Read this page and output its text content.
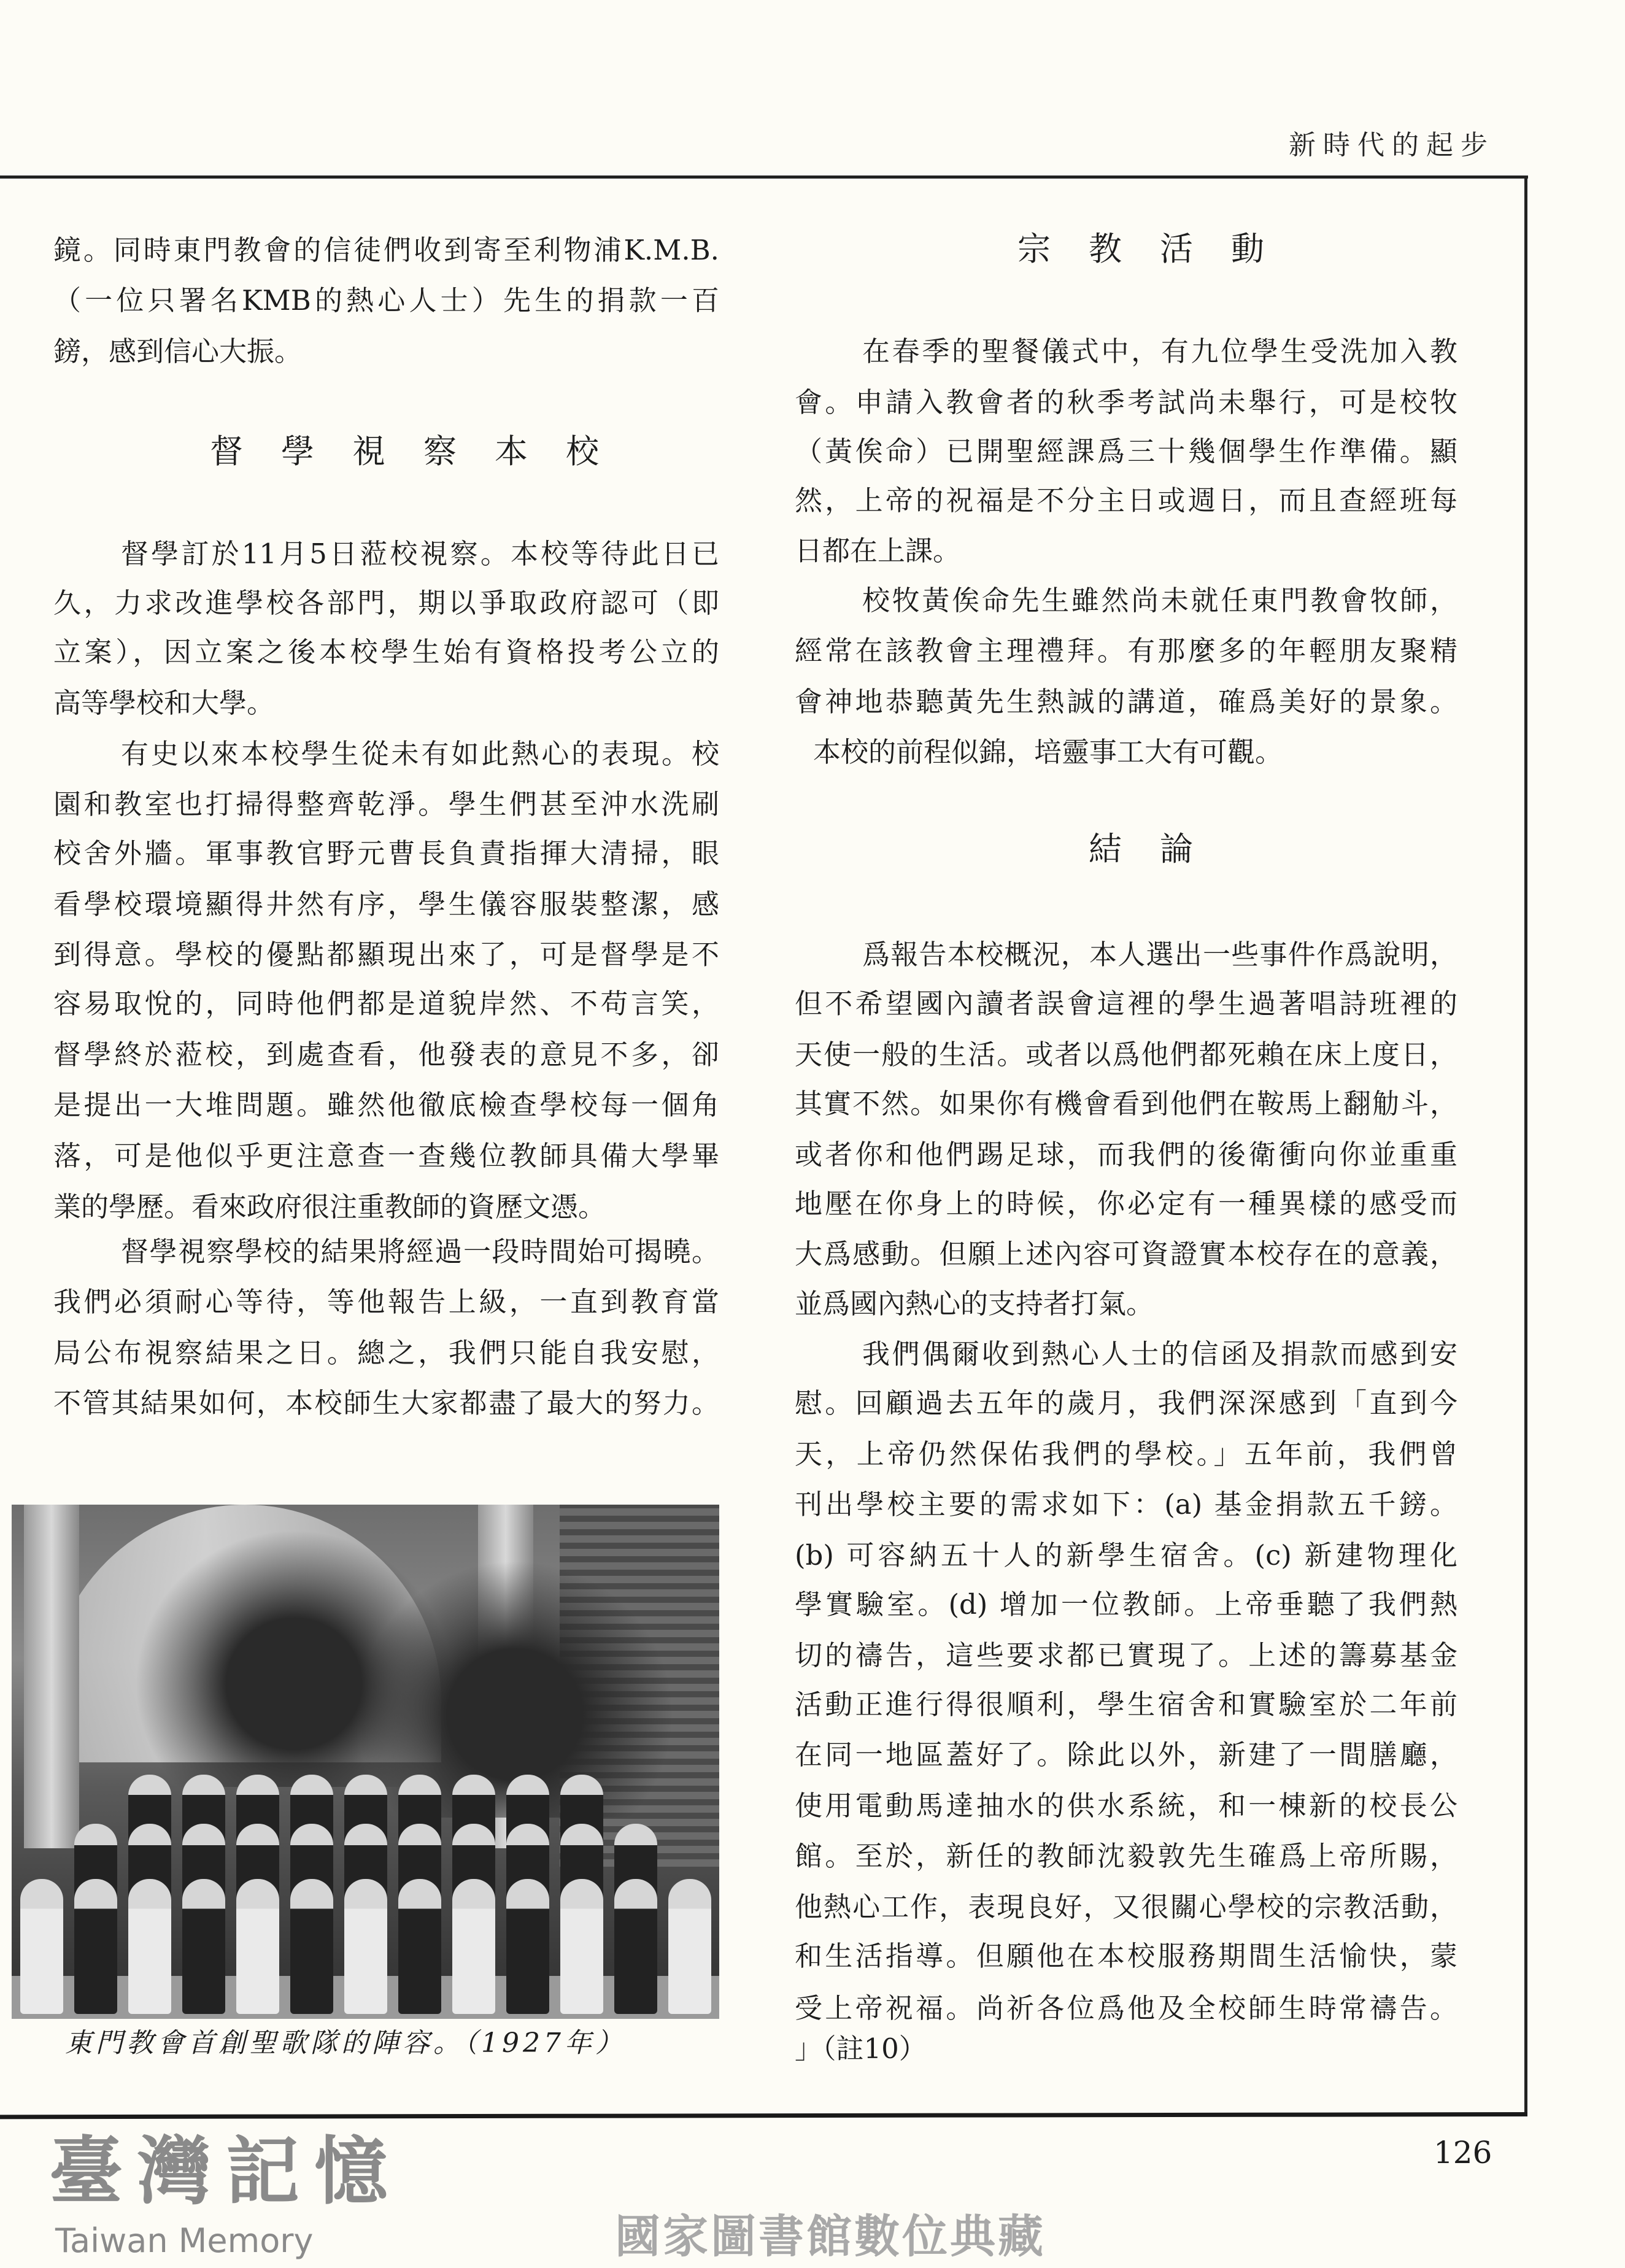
新時代的起步
鏡。同時東門教會的信徒們收到寄至利物浦K.M.B.
（一位只署名KMB的熱心人士）先生的捐款一百
鎊，感到信心大振。
督學視察本校
督學訂於11月5日蒞校視察。本校等待此日已
久，力求改進學校各部門，期以爭取政府認可（即
立案），因立案之後本校學生始有資格投考公立的
高等學校和大學。
有史以來本校學生從未有如此熱心的表現。校
園和教室也打掃得整齊乾淨。學生們甚至沖水洗刷
校舍外牆。軍事教官野元曹長負責指揮大清掃，眼
看學校環境顯得井然有序，學生儀容服裝整潔，感
到得意。學校的優點都顯現出來了，可是督學是不
容易取悅的，同時他們都是道貌岸然、不苟言笑，
督學終於蒞校，到處查看，他發表的意見不多，卻
是提出一大堆問題。雖然他徹底檢查學校每一個角
落，可是他似乎更注意查一查幾位教師具備大學畢
業的學歷。看來政府很注重教師的資歷文憑。
督學視察學校的結果將經過一段時間始可揭曉。
我們必須耐心等待，等他報告上級，一直到教育當
局公布視察結果之日。總之，我們只能自我安慰，
不管其結果如何，本校師生大家都盡了最大的努力。
宗教活動
在春季的聖餐儀式中，有九位學生受洗加入教
會。申請入教會者的秋季考試尚未舉行，可是校牧
（黃俟命）已開聖經課爲三十幾個學生作準備。顯
然，上帝的祝福是不分主日或週日，而且查經班每
日都在上課。
校牧黃俟命先生雖然尚未就任東門教會牧師，
經常在該教會主理禮拜。有那麼多的年輕朋友聚精
會神地恭聽黃先生熱誠的講道，確爲美好的景象。
本校的前程似錦，培靈事工大有可觀。
結論
爲報告本校概況，本人選出一些事件作爲說明，
但不希望國內讀者誤會這裡的學生過著唱詩班裡的
天使一般的生活。或者以爲他們都死賴在床上度日，
其實不然。如果你有機會看到他們在鞍馬上翻觔斗，
或者你和他們踢足球，而我們的後衛衝向你並重重
地壓在你身上的時候，你必定有一種異樣的感受而
大爲感動。但願上述內容可資證實本校存在的意義，
並爲國內熱心的支持者打氣。
我們偶爾收到熱心人士的信函及捐款而感到安
慰。回顧過去五年的歲月，我們深深感到「直到今
天，上帝仍然保佑我們的學校。」五年前，我們曾
刊出學校主要的需求如下：(a) 基金捐款五千鎊。
(b) 可容納五十人的新學生宿舍。(c) 新建物理化
學實驗室。(d) 增加一位教師。上帝垂聽了我們熱
切的禱告，這些要求都已實現了。上述的籌募基金
活動正進行得很順利，學生宿舍和實驗室於二年前
在同一地區蓋好了。除此以外，新建了一間膳廳，
使用電動馬達抽水的供水系統，和一棟新的校長公
館。至於，新任的教師沈毅敦先生確爲上帝所賜，
他熱心工作，表現良好，又很關心學校的宗教活動，
和生活指導。但願他在本校服務期間生活愉快，蒙
受上帝祝福。尚祈各位爲他及全校師生時常禱告。
」（註10）
東門教會首創聖歌隊的陣容。（1927年）
臺灣記憶
Taiwan Memory
126
國家圖書館數位典藏
